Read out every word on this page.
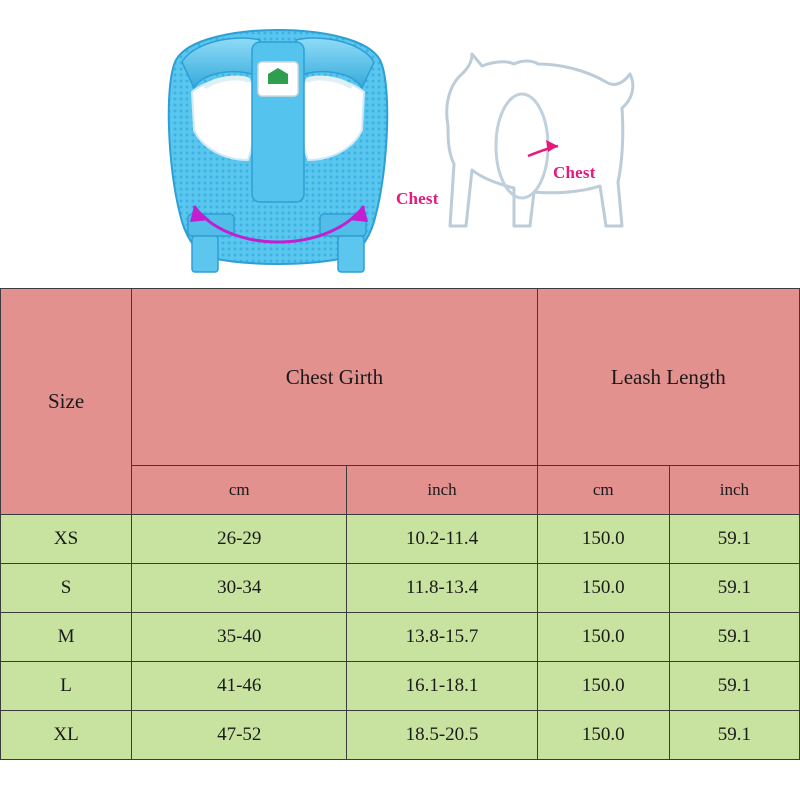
Chest
Chest
Size	Chest Girth		Leash Length	
	cm	inch	cm	inch
XS	26-29	10.2-11.4	150.0	59.1
S	30-34	11.8-13.4	150.0	59.1
M	35-40	13.8-15.7	150.0	59.1
L	41-46	16.1-18.1	150.0	59.1
XL	47-52	18.5-20.5	150.0	59.1
